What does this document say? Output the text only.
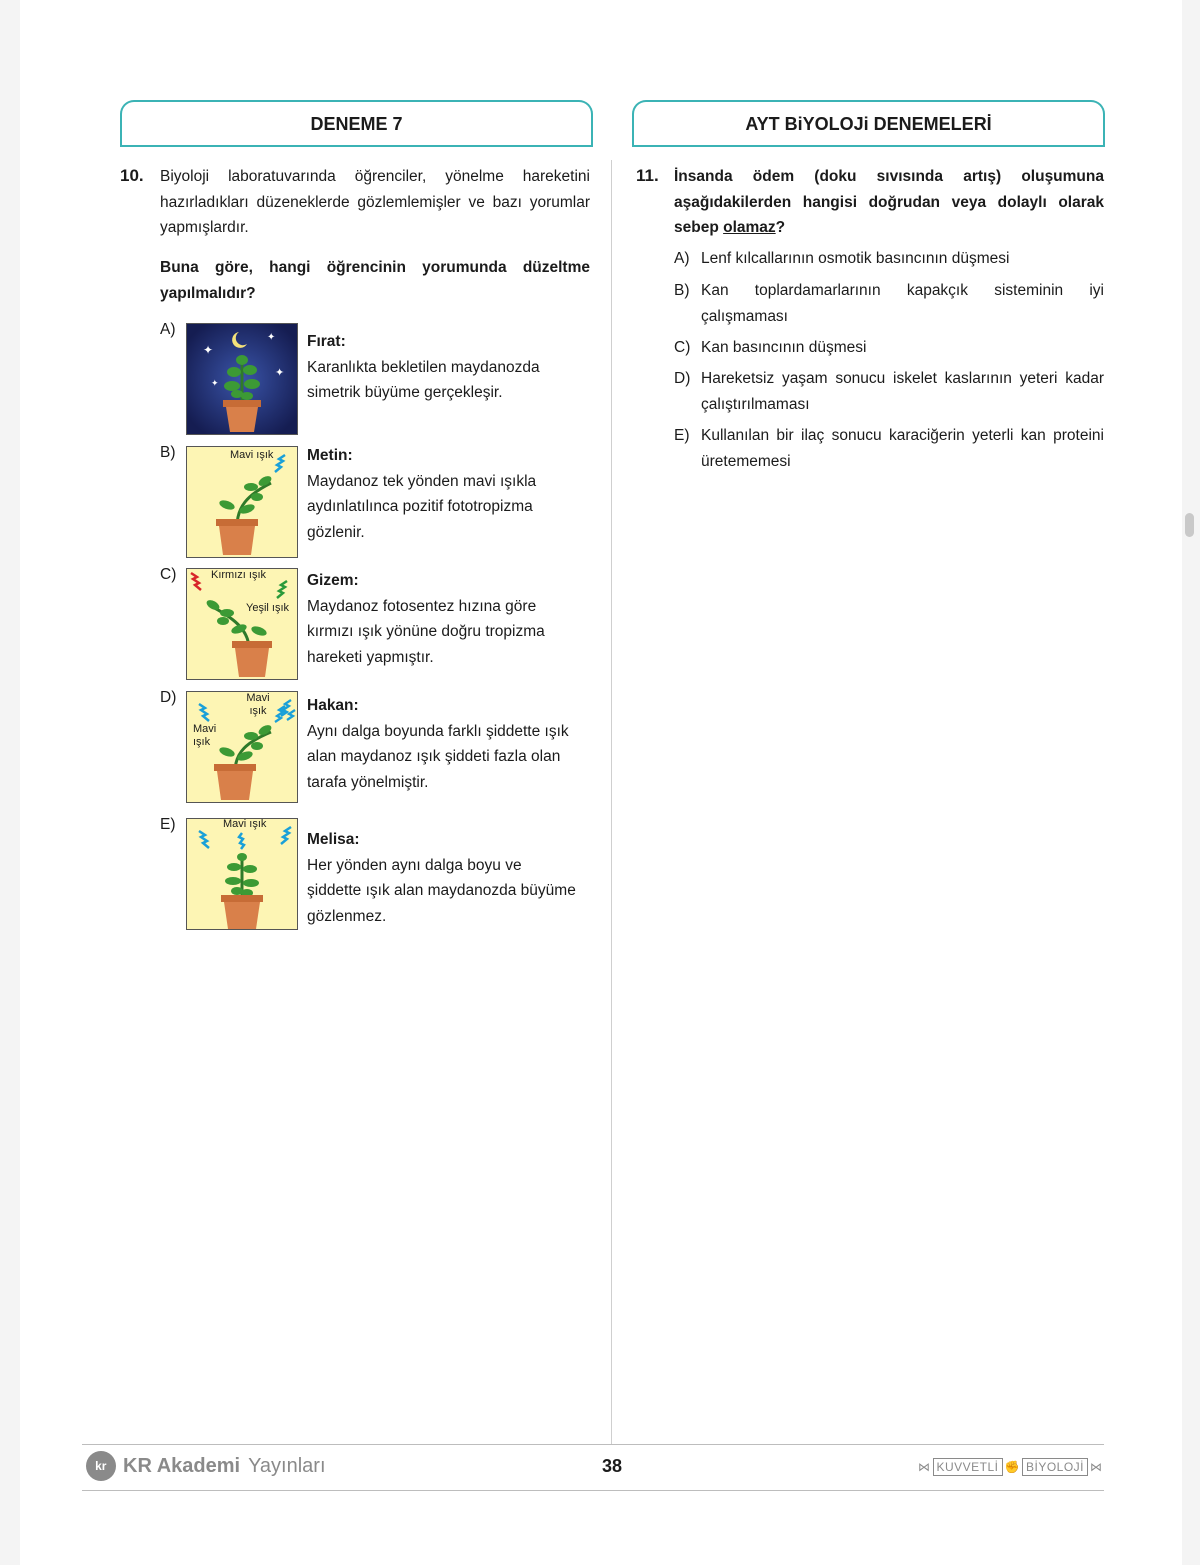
DENEME 7	AYT BiYOLOJi DENEMELERİ
10. Biyoloji laboratuvarında öğrenciler, yönelme hareketini hazırladıkları düzeneklerde gözlemlemişler ve bazı yorumlar yapmışlardır.
Buna göre, hangi öğrencinin yorumunda düzeltme yapılmalıdır?
A)
✦
✦
✦
✦
Fırat:
Karanlıkta bekletilen maydanozda simetrik büyüme gerçekleşir.
B)	Mavi ışık Metin:
Maydanoz tek yönden mavi ışıkla aydınlatılınca pozitif fototropizma gözlenir.
C)	Kırmızı ışık
Yeşil ışık
Gizem:
Maydanoz fotosentez hızına göre kırmızı ışık yönüne doğru tropizma hareketi yapmıştır.
D)	Mavi ışık
Mavi ışık
Hakan:
Aynı dalga boyunda farklı şiddette ışık alan maydanoz ışık şiddeti fazla olan tarafa yönelmiştir.
E)	Mavi ışık
Melisa:
Her yönden aynı dalga boyu ve şiddette ışık alan maydanozda büyüme gözlenmez.
11. İnsanda ödem (doku sıvısında artış) oluşumuna aşağıdakilerden hangisi doğrudan veya dolaylı olarak sebep olamaz?
A) Lenf kılcallarının osmotik basıncının düşmesi
B) Kan toplardamarlarının kapakçık sisteminin iyi çalışmaması
C) Kan basıncının düşmesi
D) Hareketsiz yaşam sonucu iskelet kaslarının yeteri kadar çalıştırılmaması
E) Kullanılan bir ilaç sonucu karaciğerin yeterli kan proteini üretememesi
kr KR Akademi Yayınları	38	⋈ KUVVETLİ ✊ BİYOLOJİ ⋈
